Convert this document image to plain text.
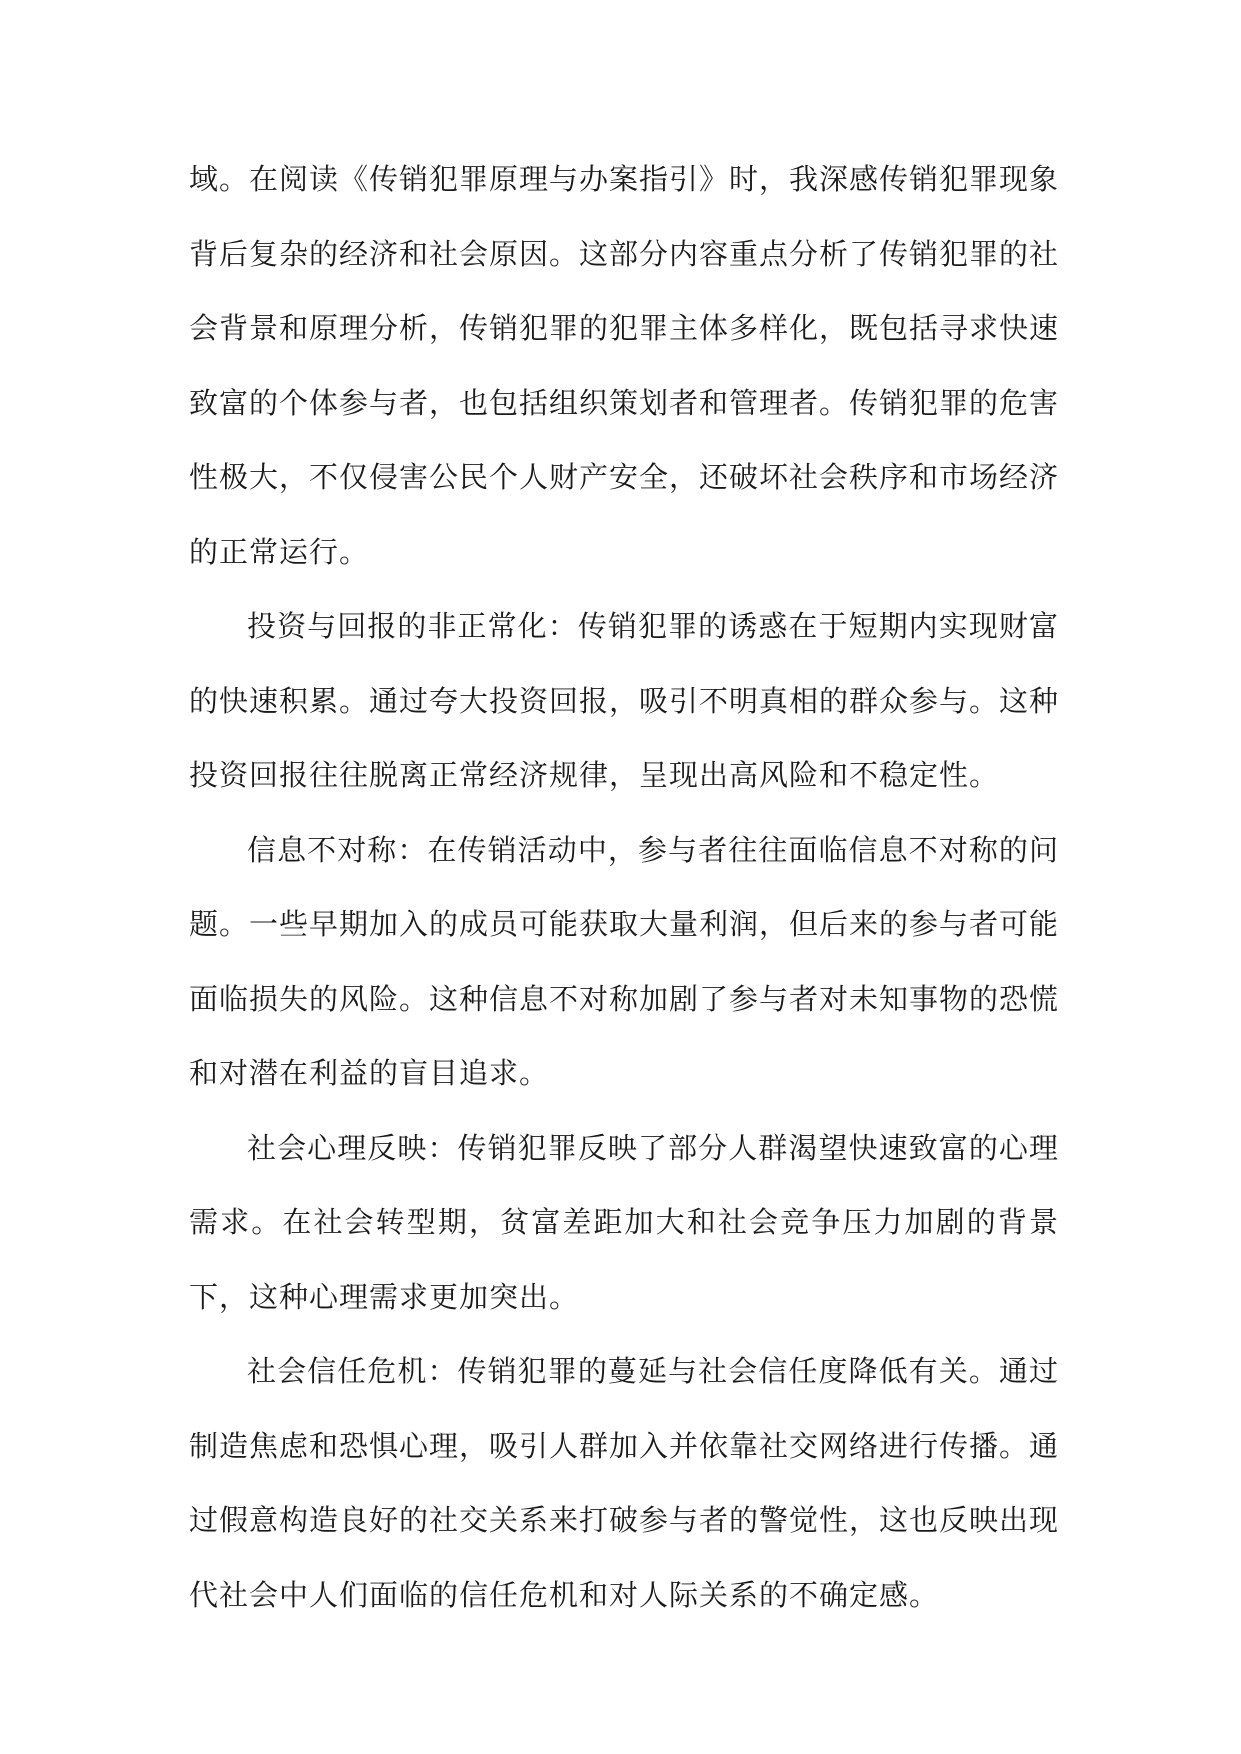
域。在阅读《传销犯罪原理与办案指引》时，我深感传销犯罪现象背后复杂的经济和社会原因。这部分内容重点分析了传销犯罪的社会背景和原理分析，传销犯罪的犯罪主体多样化，既包括寻求快速致富的个体参与者，也包括组织策划者和管理者。传销犯罪的危害性极大，不仅侵害公民个人财产安全，还破坏社会秩序和市场经济的正常运行。

投资与回报的非正常化：传销犯罪的诱惑在于短期内实现财富的快速积累。通过夸大投资回报，吸引不明真相的群众参与。这种投资回报往往脱离正常经济规律，呈现出高风险和不稳定性。

信息不对称：在传销活动中，参与者往往面临信息不对称的问题。一些早期加入的成员可能获取大量利润，但后来的参与者可能面临损失的风险。这种信息不对称加剧了参与者对未知事物的恐慌和对潜在利益的盲目追求。

社会心理反映：传销犯罪反映了部分人群渴望快速致富的心理需求。在社会转型期，贫富差距加大和社会竞争压力加剧的背景下，这种心理需求更加突出。

社会信任危机：传销犯罪的蔓延与社会信任度降低有关。通过制造焦虑和恐惧心理，吸引人群加入并依靠社交网络进行传播。通过假意构造良好的社交关系来打破参与者的警觉性，这也反映出现代社会中人们面临的信任危机和对人际关系的不确定感。
